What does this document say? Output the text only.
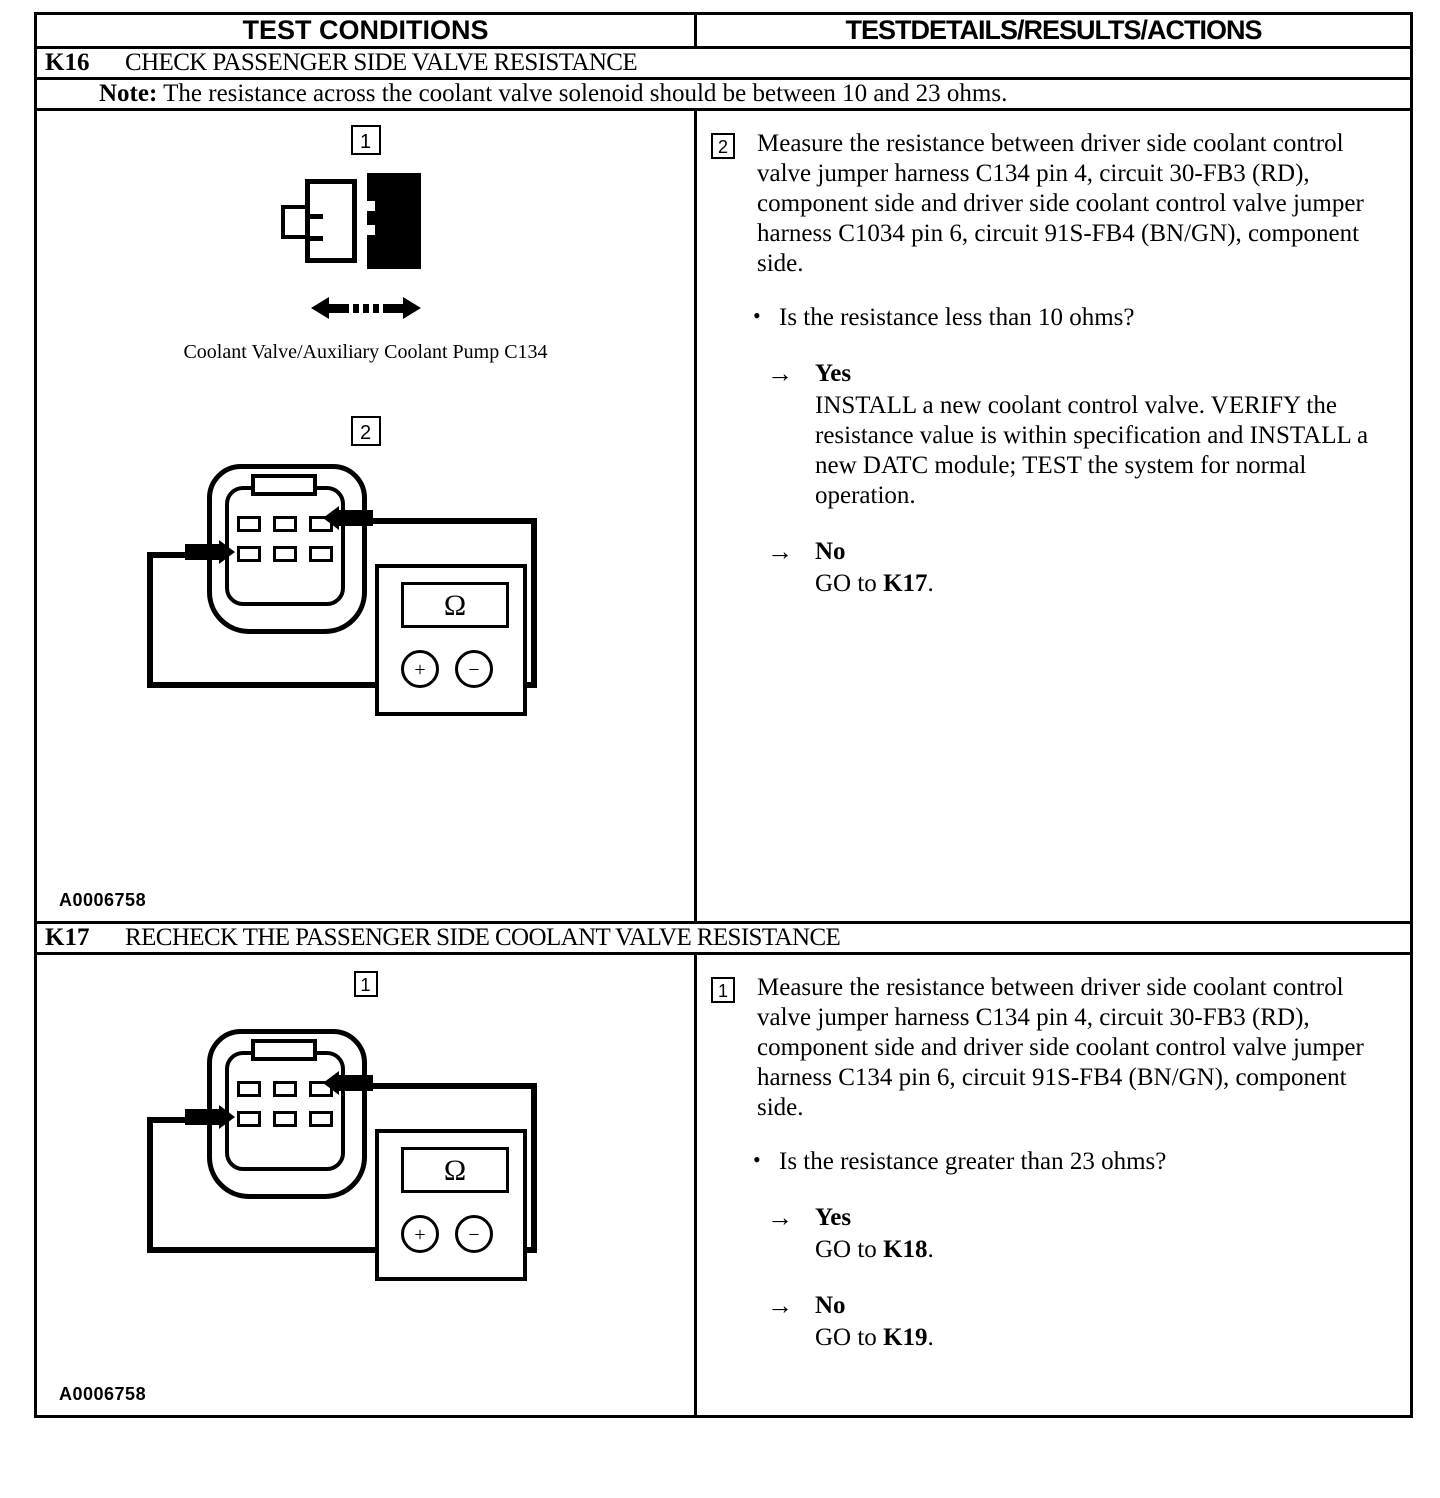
TEST CONDITIONS	TESTDETAILS/RESULTS/ACTIONS

K16 CHECK PASSENGER SIDE VALVE RESISTANCE	

Note: The resistance across the coolant valve solenoid should be between 10 and 23 ohms.	

1
Coolant Valve/Auxiliary Coolant Pump C134
2
Ω
+	−
A0006758

2	Measure the resistance between driver side coolant control valve jumper harness C134 pin 4, circuit 30-FB3 (RD), component side and driver side coolant control valve jumper harness C1034 pin 6, circuit 91S-FB4 (BN/GN), component side.
• Is the resistance less than 10 ohms?
→ Yes
INSTALL a new coolant control valve. VERIFY the resistance value is within specification and INSTALL a new DATC module; TEST the system for normal operation.
→ No
GO to K17.

K17 RECHECK THE PASSENGER SIDE COOLANT VALVE RESISTANCE	

1
Ω
+	−
A0006758

1	Measure the resistance between driver side coolant control valve jumper harness C134 pin 4, circuit 30-FB3 (RD), component side and driver side coolant control valve jumper harness C134 pin 6, circuit 91S-FB4 (BN/GN), component side.
• Is the resistance greater than 23 ohms?
→ Yes
GO to K18.
→ No
GO to K19.
